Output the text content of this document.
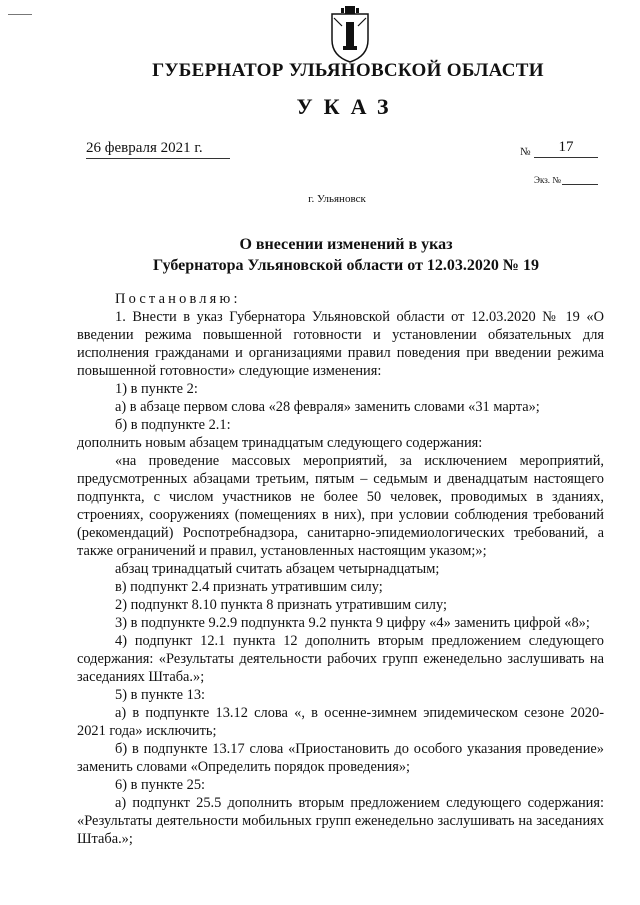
ГУБЕРНАТОР УЛЬЯНОВСКОЙ ОБЛАСТИ
УКАЗ
26 февраля 2021 г.	№	17
Экз. №
г. Ульяновск
О внесении изменений в указ
Губернатора Ульяновской области от 12.03.2020 № 19

Постановляю:

1. Внести в указ Губернатора Ульяновской области от 12.03.2020 № 19 «О введении режима повышенной готовности и установлении обязательных для исполнения гражданами и организациями правил поведения при введении режима повышенной готовности» следующие изменения:

1) в пункте 2:

а) в абзаце первом слова «28 февраля» заменить словами «31 марта»;

б) в подпункте 2.1:

дополнить новым абзацем тринадцатым следующего содержания:

«на проведение массовых мероприятий, за исключением мероприятий, предусмотренных абзацами третьим, пятым – седьмым и двенадцатым настоящего подпункта, с числом участников не более 50 человек, проводимых в зданиях, строениях, сооружениях (помещениях в них), при условии соблюдения требований (рекомендаций) Роспотребнадзора, санитарно-эпидемиологических требований, а также ограничений и правил, установленных настоящим указом;»;

абзац тринадцатый считать абзацем четырнадцатым;

в) подпункт 2.4 признать утратившим силу;

2) подпункт 8.10 пункта 8 признать утратившим силу;

3) в подпункте 9.2.9 подпункта 9.2 пункта 9 цифру «4» заменить цифрой «8»;

4) подпункт 12.1 пункта 12 дополнить вторым предложением следующего содержания: «Результаты деятельности рабочих групп еженедельно заслушивать на заседаниях Штаба.»;

5) в пункте 13:

а) в подпункте 13.12 слова «, в осенне-зимнем эпидемическом сезоне 2020-2021 года» исключить;

б) в подпункте 13.17 слова «Приостановить до особого указания проведение» заменить словами «Определить порядок проведения»;

6) в пункте 25:

а) подпункт 25.5 дополнить вторым предложением следующего содержания: «Результаты деятельности мобильных групп еженедельно заслушивать на заседаниях Штаба.»;
